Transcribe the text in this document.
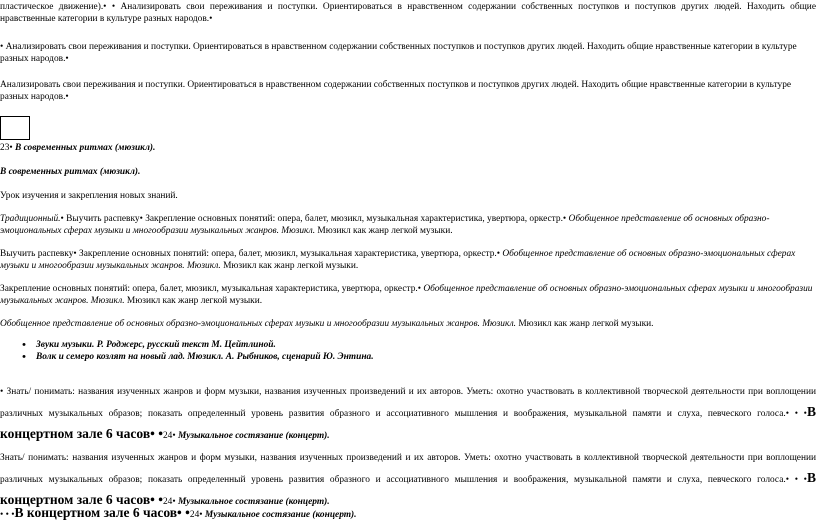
пластическое движение).• • Анализировать свои переживания и поступки. Ориентироваться в нравственном содержании собственных поступков и поступков других людей. Находить общие нравственные категории в культуре разных народов.•
• Анализировать свои переживания и поступки. Ориентироваться в нравственном содержании собственных поступков и поступков других людей. Находить общие нравственные категории в культуре разных народов.•
Анализировать свои переживания и поступки. Ориентироваться в нравственном содержании собственных поступков и поступков других людей. Находить общие нравственные категории в культуре разных народов.•
23• В современных ритмах (мюзикл).
В современных ритмах (мюзикл).
Урок изучения и закрепления новых знаний.
Традиционный.• Выучить распевку• Закрепление основных понятий: опера, балет, мюзикл, музыкальная характеристика, увертюра, оркестр.• Обобщенное представление об основных образно-эмоциональных сферах музыки и многообразии музыкальных жанров. Мюзикл. Мюзикл как жанр легкой музыки.
Выучить распевку• Закрепление основных понятий: опера, балет, мюзикл, музыкальная характеристика, увертюра, оркестр.• Обобщенное представление об основных образно-эмоциональных сферах музыки и многообразии музыкальных жанров. Мюзикл. Мюзикл как жанр легкой музыки.
Закрепление основных понятий: опера, балет, мюзикл, музыкальная характеристика, увертюра, оркестр.• Обобщенное представление об основных образно-эмоциональных сферах музыки и многообразии музыкальных жанров. Мюзикл. Мюзикл как жанр легкой музыки.
Обобщенное представление об основных образно-эмоциональных сферах музыки и многообразии музыкальных жанров. Мюзикл. Мюзикл как жанр легкой музыки.
• Звуки музыки. Р. Роджерс, русский текст М. Цейтлиной.
• Волк и семеро козлят на новый лад. Мюзикл. А. Рыбников, сценарий Ю. Энтина.
• Знать/ понимать: названия изученных жанров и форм музыки, названия изученных произведений и их авторов. Уметь: охотно участвовать в коллективной творческой деятельности при воплощении различных музыкальных образов; показать определенный уровень развития образного и ассоциативного мышления и воображения, музыкальной памяти и слуха, певческого голоса.• • •В концертном зале 6 часов• •24• Музыкальное состязание (концерт).
Знать/ понимать: названия изученных жанров и форм музыки, названия изученных произведений и их авторов. Уметь: охотно участвовать в коллективной творческой деятельности при воплощении различных музыкальных образов; показать определенный уровень развития образного и ассоциативного мышления и воображения, музыкальной памяти и слуха, певческого голоса.• • •В концертном зале 6 часов• •24• Музыкальное состязание (концерт).
• • •В концертном зале 6 часов• •24• Музыкальное состязание (концерт).
